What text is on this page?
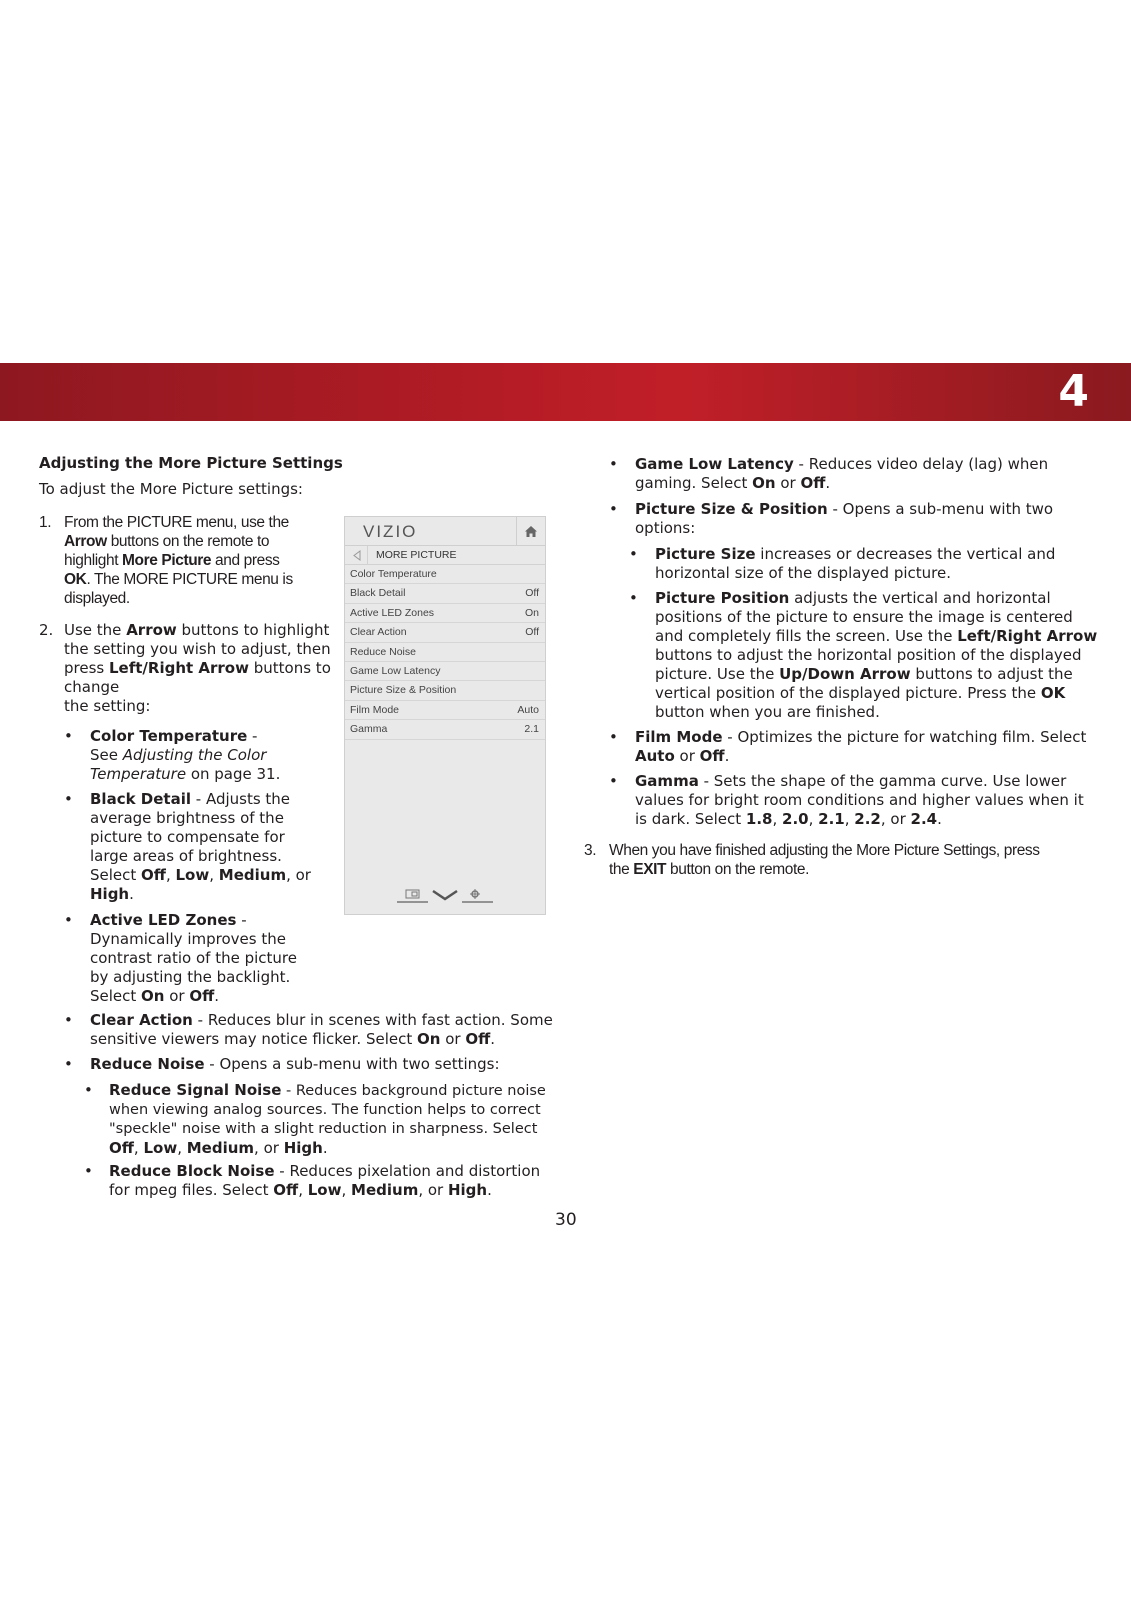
4
Adjusting the More Picture Settings
To adjust the More Picture settings:
1. From the PICTURE menu, use the
Arrow buttons on the remote to
highlight More Picture and press
OK. The MORE PICTURE menu is
displayed.
2. Use the Arrow buttons to highlight
the setting you wish to adjust, then
press Left/Right Arrow buttons to
change
the setting:
• Color Temperature -
See Adjusting the Color
Temperature on page 31.
• Black Detail - Adjusts the
average brightness of the
picture to compensate for
large areas of brightness.
Select Off, Low, Medium, or
High.
• Active LED Zones -
Dynamically improves the
contrast ratio of the picture
by adjusting the backlight.
Select On or Off.
• Clear Action - Reduces blur in scenes with fast action. Some
sensitive viewers may notice flicker. Select On or Off.
• Reduce Noise - Opens a sub-menu with two settings:
• Reduce Signal Noise - Reduces background picture noise
when viewing analog sources. The function helps to correct
"speckle" noise with a slight reduction in sharpness. Select
Off, Low, Medium, or High.
• Reduce Block Noise - Reduces pixelation and distortion
for mpeg files. Select Off, Low, Medium, or High.
VIZIO
MORE PICTURE
Color Temperature
Black Detail	Off
Active LED Zones	On
Clear Action	Off
Reduce Noise
Game Low Latency
Picture Size & Position
Film Mode	Auto
Gamma	2.1
• Game Low Latency - Reduces video delay (lag) when
gaming. Select On or Off.
• Picture Size & Position - Opens a sub-menu with two
options:
• Picture Size increases or decreases the vertical and
horizontal size of the displayed picture.
• Picture Position adjusts the vertical and horizontal
positions of the picture to ensure the image is centered
and completely fills the screen. Use the Left/Right Arrow
buttons to adjust the horizontal position of the displayed
picture. Use the Up/Down Arrow buttons to adjust the
vertical position of the displayed picture. Press the OK
button when you are finished.
• Film Mode - Optimizes the picture for watching film. Select
Auto or Off.
• Gamma - Sets the shape of the gamma curve. Use lower
values for bright room conditions and higher values when it
is dark. Select 1.8, 2.0, 2.1, 2.2, or 2.4.
3. When you have finished adjusting the More Picture Settings, press
the EXIT button on the remote.
30
